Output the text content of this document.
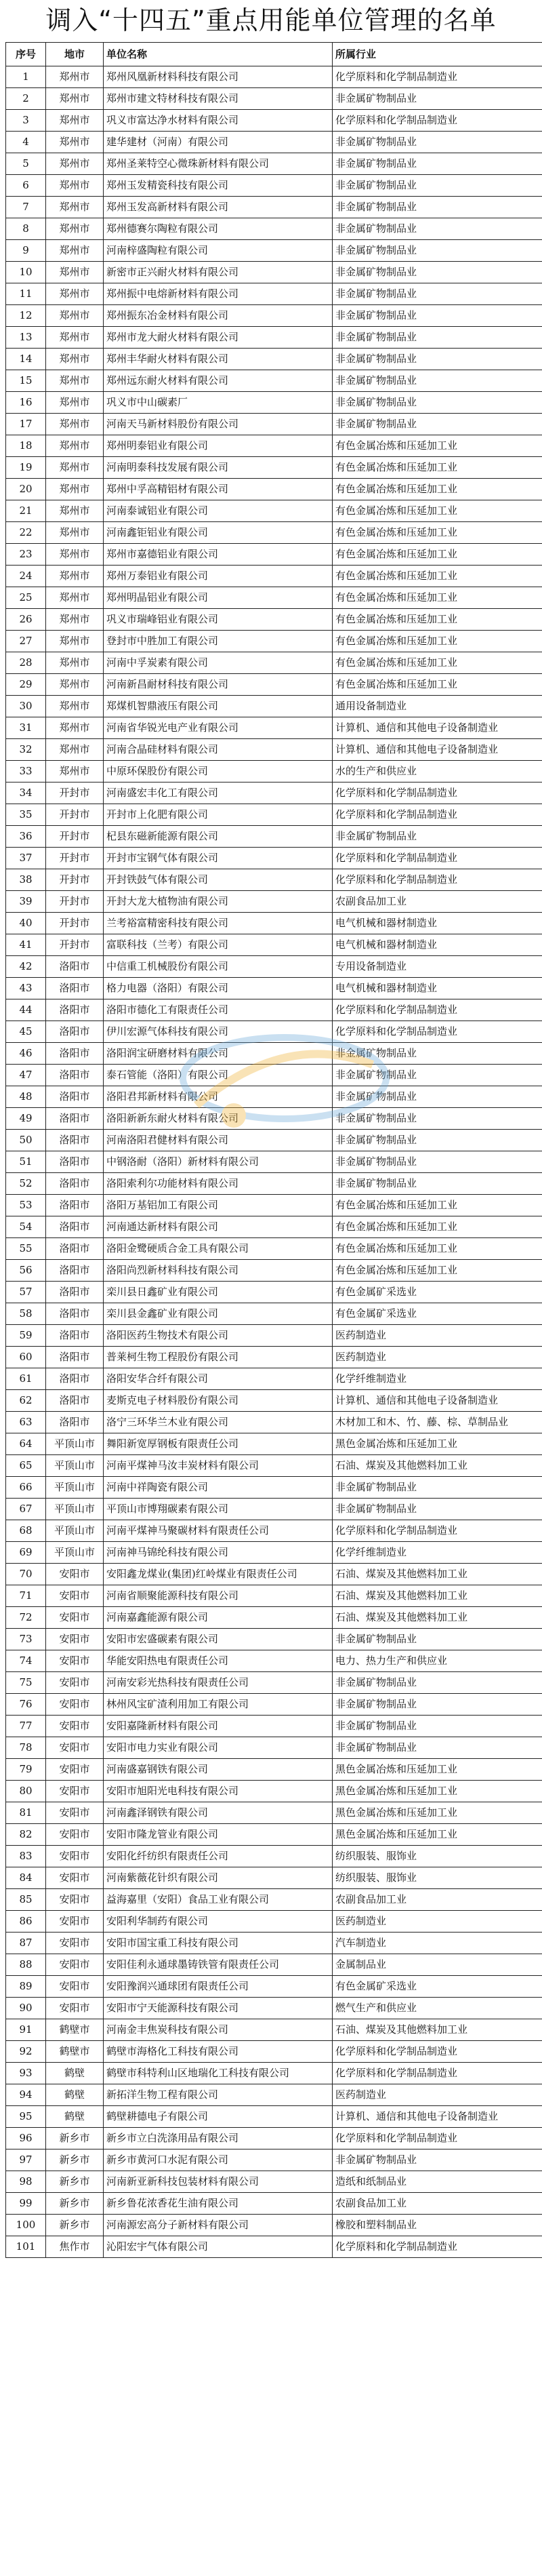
调入“十四五”重点用能单位管理的名单
序号	地市	单位名称	所属行业
1	郑州市	郑州风凰新材料科技有限公司	化学原料和化学制品制造业
2	郑州市	郑州市建文特材科技有限公司	非金属矿物制品业
3	郑州市	巩义市富达净水材料有限公司	化学原料和化学制品制造业
4	郑州市	建华建材（河南）有限公司	非金属矿物制品业
5	郑州市	郑州圣莱特空心微珠新材料有限公司	非金属矿物制品业
6	郑州市	郑州玉发精瓷科技有限公司	非金属矿物制品业
7	郑州市	郑州玉发高新材料有限公司	非金属矿物制品业
8	郑州市	郑州德赛尔陶粒有限公司	非金属矿物制品业
9	郑州市	河南梓盛陶粒有限公司	非金属矿物制品业
10	郑州市	新密市正兴耐火材料有限公司	非金属矿物制品业
11	郑州市	郑州振中电熔新材料有限公司	非金属矿物制品业
12	郑州市	郑州振东冶金材料有限公司	非金属矿物制品业
13	郑州市	郑州市龙大耐火材料有限公司	非金属矿物制品业
14	郑州市	郑州丰华耐火材料有限公司	非金属矿物制品业
15	郑州市	郑州远东耐火材料有限公司	非金属矿物制品业
16	郑州市	巩义市中山碳素厂	非金属矿物制品业
17	郑州市	河南天马新材料股份有限公司	非金属矿物制品业
18	郑州市	郑州明泰铝业有限公司	有色金属冶炼和压延加工业
19	郑州市	河南明泰科技发展有限公司	有色金属冶炼和压延加工业
20	郑州市	郑州中孚高精铝材有限公司	有色金属冶炼和压延加工业
21	郑州市	河南泰诚铝业有限公司	有色金属冶炼和压延加工业
22	郑州市	河南鑫钜铝业有限公司	有色金属冶炼和压延加工业
23	郑州市	郑州市嘉德铝业有限公司	有色金属冶炼和压延加工业
24	郑州市	郑州万泰铝业有限公司	有色金属冶炼和压延加工业
25	郑州市	郑州明晶铝业有限公司	有色金属冶炼和压延加工业
26	郑州市	巩义市瑞峰铝业有限公司	有色金属冶炼和压延加工业
27	郑州市	登封市中胜加工有限公司	有色金属冶炼和压延加工业
28	郑州市	河南中孚炭素有限公司	有色金属冶炼和压延加工业
29	郑州市	河南新昌耐材科技有限公司	有色金属冶炼和压延加工业
30	郑州市	郑煤机智鼎液压有限公司	通用设备制造业
31	郑州市	河南省华锐光电产业有限公司	计算机、通信和其他电子设备制造业
32	郑州市	河南合晶硅材料有限公司	计算机、通信和其他电子设备制造业
33	郑州市	中原环保股份有限公司	水的生产和供应业
34	开封市	河南盛宏丰化工有限公司	化学原料和化学制品制造业
35	开封市	开封市上化肥有限公司	化学原料和化学制品制造业
36	开封市	杞县东磁新能源有限公司	非金属矿物制品业
37	开封市	开封市宝钢气体有限公司	化学原料和化学制品制造业
38	开封市	开封铁鼓气体有限公司	化学原料和化学制品制造业
39	开封市	开封大龙大植物油有限公司	农副食品加工业
40	开封市	兰考裕富精密科技有限公司	电气机械和器材制造业
41	开封市	富联科技（兰考）有限公司	电气机械和器材制造业
42	洛阳市	中信重工机械股份有限公司	专用设备制造业
43	洛阳市	格力电器（洛阳）有限公司	电气机械和器材制造业
44	洛阳市	洛阳市德化工有限责任公司	化学原料和化学制品制造业
45	洛阳市	伊川宏源气体科技有限公司	化学原料和化学制品制造业
46	洛阳市	洛阳润宝研磨材料有限公司	非金属矿物制品业
47	洛阳市	泰石管能（洛阳）有限公司	非金属矿物制品业
48	洛阳市	洛阳君邦新材料有限公司	非金属矿物制品业
49	洛阳市	洛阳新新东耐火材料有限公司	非金属矿物制品业
50	洛阳市	河南洛阳君健材料有限公司	非金属矿物制品业
51	洛阳市	中钢洛耐（洛阳）新材料有限公司	非金属矿物制品业
52	洛阳市	洛阳索利尔功能材料有限公司	非金属矿物制品业
53	洛阳市	洛阳万基铝加工有限公司	有色金属冶炼和压延加工业
54	洛阳市	河南通达新材料有限公司	有色金属冶炼和压延加工业
55	洛阳市	洛阳金鹭硬质合金工具有限公司	有色金属冶炼和压延加工业
56	洛阳市	洛阳尚烈新材料科技有限公司	有色金属冶炼和压延加工业
57	洛阳市	栾川县日鑫矿业有限公司	有色金属矿采选业
58	洛阳市	栾川县金鑫矿业有限公司	有色金属矿采选业
59	洛阳市	洛阳医药生物技术有限公司	医药制造业
60	洛阳市	普莱柯生物工程股份有限公司	医药制造业
61	洛阳市	洛阳安华合纤有限公司	化学纤维制造业
62	洛阳市	麦斯克电子材料股份有限公司	计算机、通信和其他电子设备制造业
63	洛阳市	洛宁三环华兰木业有限公司	木材加工和木、竹、藤、棕、草制品业
64	平顶山市	舞阳新宽厚钢板有限责任公司	黑色金属冶炼和压延加工业
65	平顶山市	河南平煤神马汝丰炭材料有限公司	石油、煤炭及其他燃料加工业
66	平顶山市	河南中祥陶瓷有限公司	非金属矿物制品业
67	平顶山市	平顶山市博翔碳素有限公司	非金属矿物制品业
68	平顶山市	河南平煤神马聚碳材料有限责任公司	化学原料和化学制品制造业
69	平顶山市	河南神马锦纶科技有限公司	化学纤维制造业
70	安阳市	安阳鑫龙煤业(集团)红岭煤业有限责任公司	石油、煤炭及其他燃料加工业
71	安阳市	河南省顺聚能源科技有限公司	石油、煤炭及其他燃料加工业
72	安阳市	河南嘉鑫能源有限公司	石油、煤炭及其他燃料加工业
73	安阳市	安阳市宏盛碳素有限公司	非金属矿物制品业
74	安阳市	华能安阳热电有限责任公司	电力、热力生产和供应业
75	安阳市	河南安彩光热科技有限责任公司	非金属矿物制品业
76	安阳市	林州风宝矿渣利用加工有限公司	非金属矿物制品业
77	安阳市	安阳嘉隆新材料有限公司	非金属矿物制品业
78	安阳市	安阳市电力实业有限公司	非金属矿物制品业
79	安阳市	河南盛嘉钢铁有限公司	黑色金属冶炼和压延加工业
80	安阳市	安阳市旭阳光电科技有限公司	黑色金属冶炼和压延加工业
81	安阳市	河南鑫泽钢铁有限公司	黑色金属冶炼和压延加工业
82	安阳市	安阳市隆龙管业有限公司	黑色金属冶炼和压延加工业
83	安阳市	安阳化纤纺织有限责任公司	纺织服装、服饰业
84	安阳市	河南紫薇花针织有限公司	纺织服装、服饰业
85	安阳市	益海嘉里（安阳）食品工业有限公司	农副食品加工业
86	安阳市	安阳利华制药有限公司	医药制造业
87	安阳市	安阳市国宝重工科技有限公司	汽车制造业
88	安阳市	安阳佳利永通球墨铸铁管有限责任公司	金属制品业
89	安阳市	安阳豫润兴通球团有限责任公司	有色金属矿采选业
90	安阳市	安阳市宁天能源科技有限公司	燃气生产和供应业
91	鹤壁市	河南金丰焦炭科技有限公司	石油、煤炭及其他燃料加工业
92	鹤壁市	鹤壁市海格化工科技有限公司	化学原料和化学制品制造业
93	鹤壁	鹤壁市科特利山区地瑞化工科技有限公司	化学原料和化学制品制造业
94	鹤壁	新拓洋生物工程有限公司	医药制造业
95	鹤壁	鹤壁耕德电子有限公司	计算机、通信和其他电子设备制造业
96	新乡市	新乡市立白洗涤用品有限公司	化学原料和化学制品制造业
97	新乡市	新乡市黄河口水泥有限公司	非金属矿物制品业
98	新乡市	河南新亚新科技包装材料有限公司	造纸和纸制品业
99	新乡市	新乡鲁花浓香花生油有限公司	农副食品加工业
100	新乡市	河南源宏高分子新材料有限公司	橡胶和塑料制品业
101	焦作市	沁阳宏宇气体有限公司	化学原料和化学制品制造业
